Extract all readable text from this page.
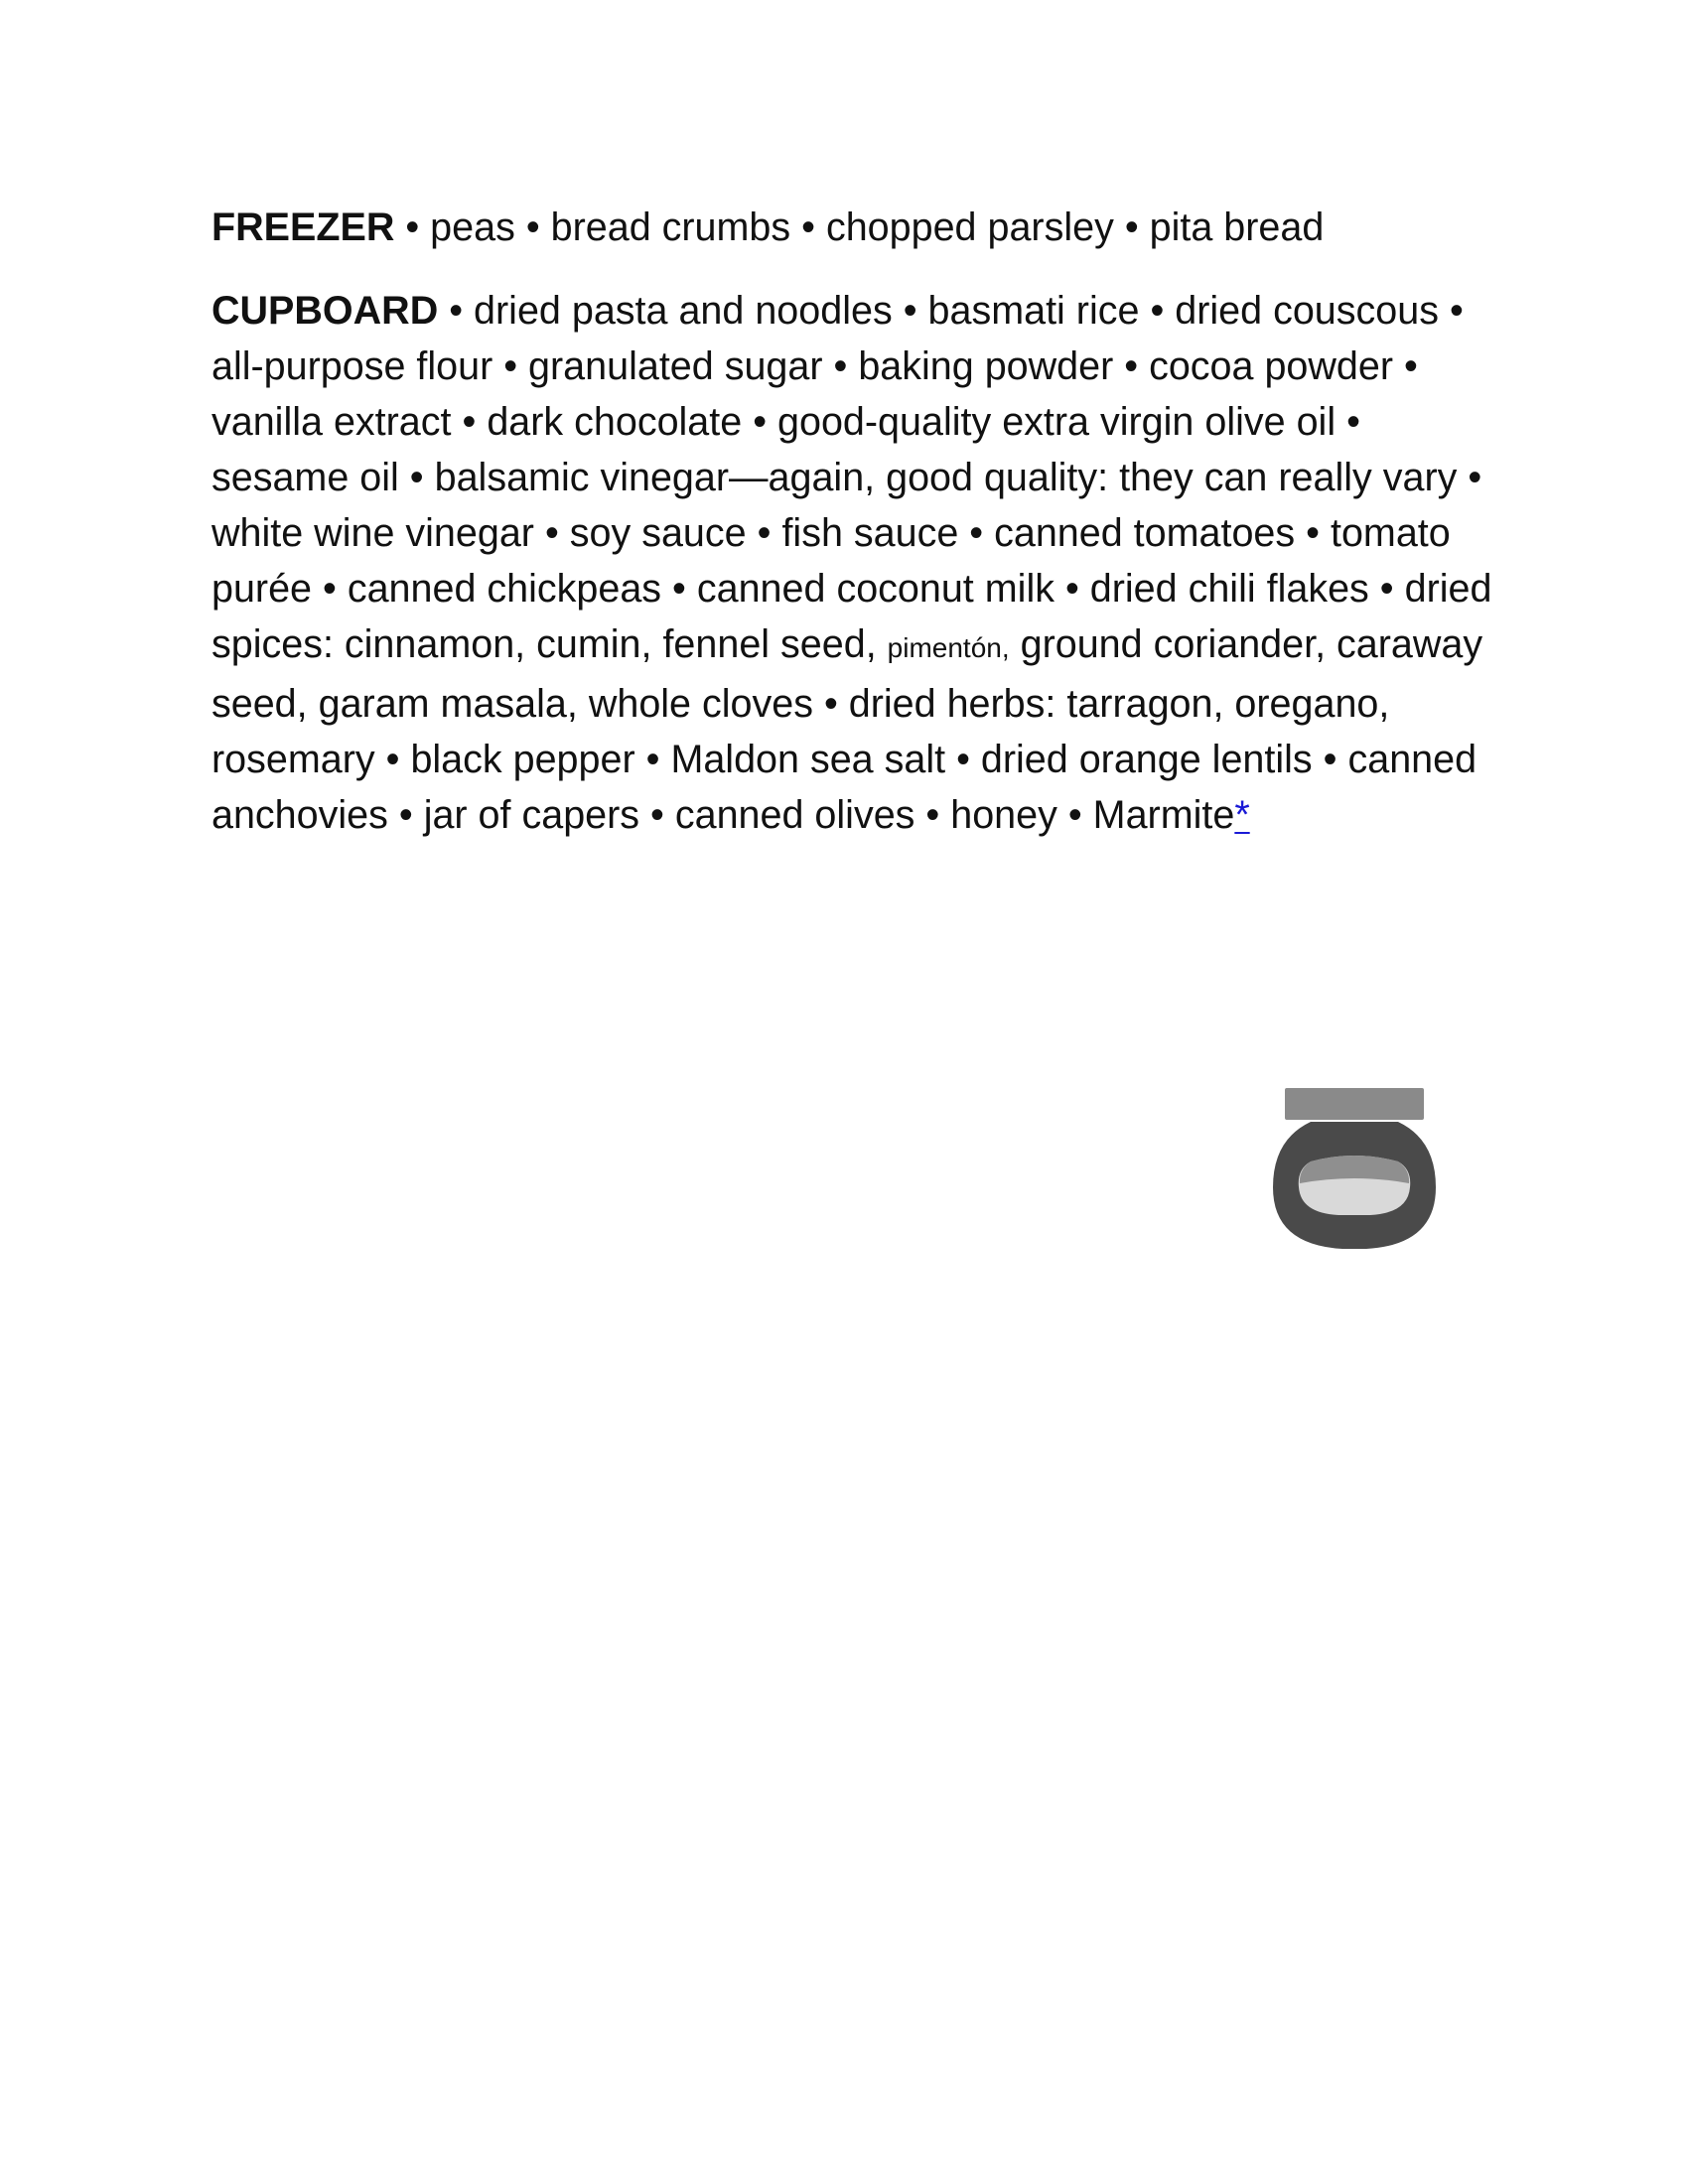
FREEZER • peas • bread crumbs • chopped parsley • pita bread

CUPBOARD • dried pasta and noodles • basmati rice • dried couscous • all-purpose flour • granulated sugar • baking powder • cocoa powder • vanilla extract • dark chocolate • good-quality extra virgin olive oil • sesame oil • balsamic vinegar—again, good quality: they can really vary • white wine vinegar • soy sauce • fish sauce • canned tomatoes • tomato purée • canned chickpeas • canned coconut milk • dried chili flakes • dried spices: cinnamon, cumin, fennel seed, pimentón, ground coriander, caraway seed, garam masala, whole cloves • dried herbs: tarragon, oregano, rosemary • black pepper • Maldon sea salt • dried orange lentils • canned anchovies • jar of capers • canned olives • honey • Marmite*
